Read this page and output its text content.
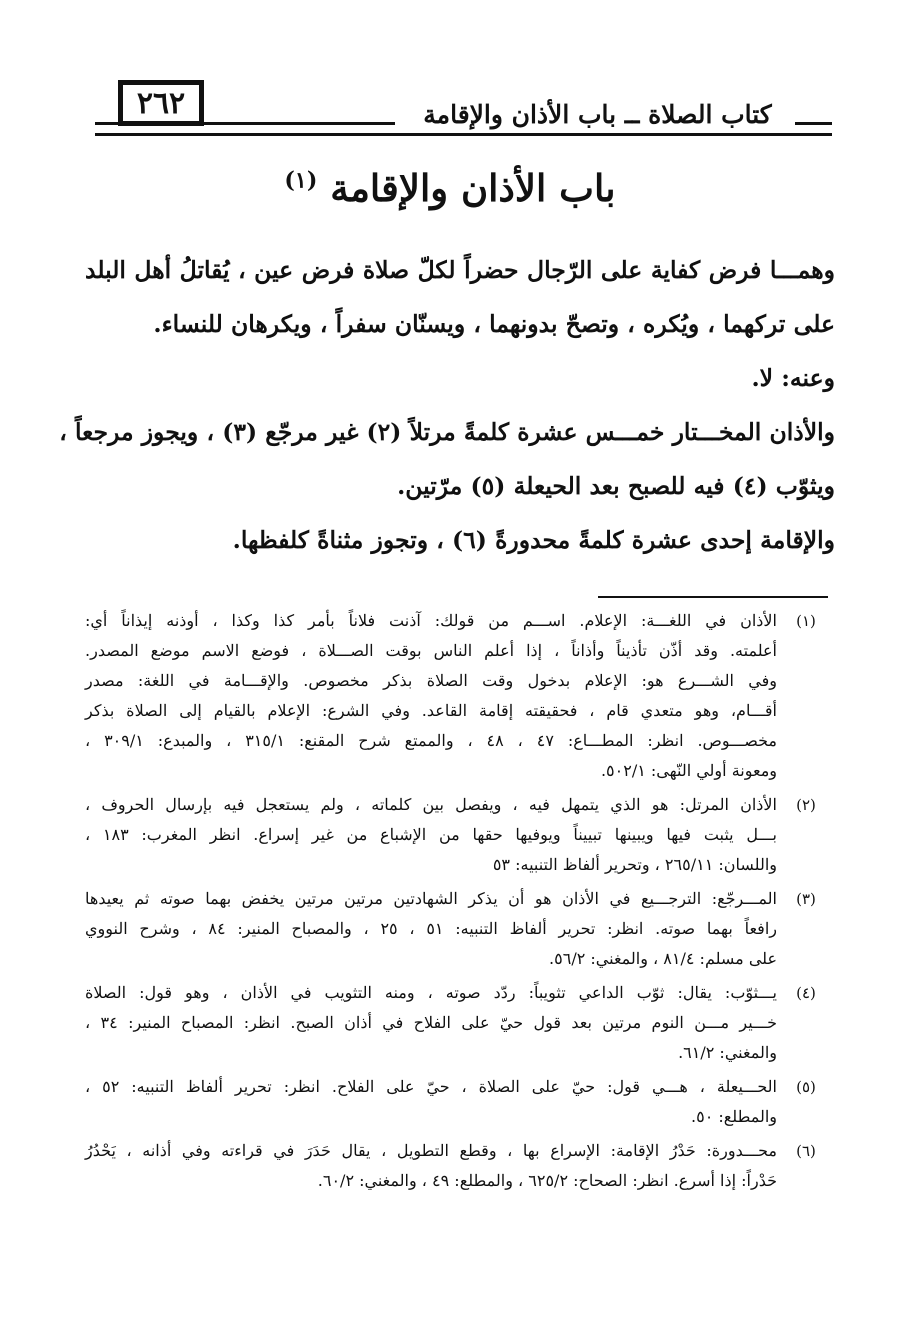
٢٦٢	كتاب الصلاة ــ باب الأذان والإقامة
باب الأذان والإقامة $^{(١)}$
وهمـــا فرض كفاية على الرّجال حضراً لكلّ صلاة فرض عين ، يُقاتلُ أهل البلد
على تركهما ، ويُكره ، وتصحّ بدونهما ، ويسنّان سفراً ، ويكرهان للنساء.
وعنه: لا.
والأذان المخـــتار خمـــس عشرة كلمةً مرتلاً (٢) غير مرجّع (٣) ، ويجوز مرجعاً ،
ويثوّب (٤) فيه للصبح بعد الحيعلة (٥) مرّتين.
والإقامة إحدى عشرة كلمةً محدورةً (٦) ، وتجوز مثناةً كلفظها.
(١)
الأذان في اللغـــة: الإعلام. اســـم من قولك: آذنت فلاناً بأمر كذا وكذا ، أوذنه إيذاناً أي:
أعلمته. وقد أذّن تأذيناً وأذاناً ، إذا أعلم الناس بوقت الصـــلاة ، فوضع الاسم موضع المصدر.
وفي الشـــرع هو: الإعلام بدخول وقت الصلاة بذكر مخصوص. والإقـــامة في اللغة: مصدر
أقـــام، وهو متعدي قام ، فحقيقته إقامة القاعد. وفي الشرع: الإعلام بالقيام إلى الصلاة بذكر
مخصـــوص. انظر: المطـــاع: ٤٧ ، ٤٨ ، والممتع شرح المقنع: ٣١٥/١ ، والمبدع: ٣٠٩/١ ،
ومعونة أولي النّهى: ٥٠٢/١.
(٢)
الأذان المرتل: هو الذي يتمهل فيه ، ويفصل بين كلماته ، ولم يستعجل فيه بإرسال الحروف ،
بـــل يثبت فيها ويبينها تبييناً ويوفيها حقها من الإشباع من غير إسراع. انظر المغرب: ١٨٣ ،
واللسان: ٢٦٥/١١ ، وتحرير ألفاظ التنبيه: ٥٣
(٣)
المـــرجّع: الترجـــيع في الأذان هو أن يذكر الشهادتين مرتين مرتين يخفض بهما صوته ثم يعيدها
رافعاً بهما صوته. انظر: تحرير ألفاظ التنبيه: ٥١ ، ٢٥ ، والمصباح المنير: ٨٤ ، وشرح النووي
على مسلم: ٨١/٤ ، والمغني: ٥٦/٢.
(٤)
يـــثوّب: يقال: ثوّب الداعي تثويباً: ردّد صوته ، ومنه التثويب في الأذان ، وهو قول: الصلاة
خـــير مـــن النوم مرتين بعد قول حيّ على الفلاح في أذان الصبح. انظر: المصباح المنير: ٣٤ ،
والمغني: ٦١/٢.
(٥)
الحـــيعلة ، هـــي قول: حيّ على الصلاة ، حيّ على الفلاح. انظر: تحرير ألفاظ التنبيه: ٥٢ ،
والمطلع: ٥٠.
(٦)
محـــدورة: حَدْرُ الإقامة: الإسراع بها ، وقطع التطويل ، يقال حَدَرَ في قراءته وفي أذانه ، يَحْدُرُ
حَدْراً: إذا أسرع. انظر: الصحاح: ٦٢٥/٢ ، والمطلع: ٤٩ ، والمغني: ٦٠/٢.
